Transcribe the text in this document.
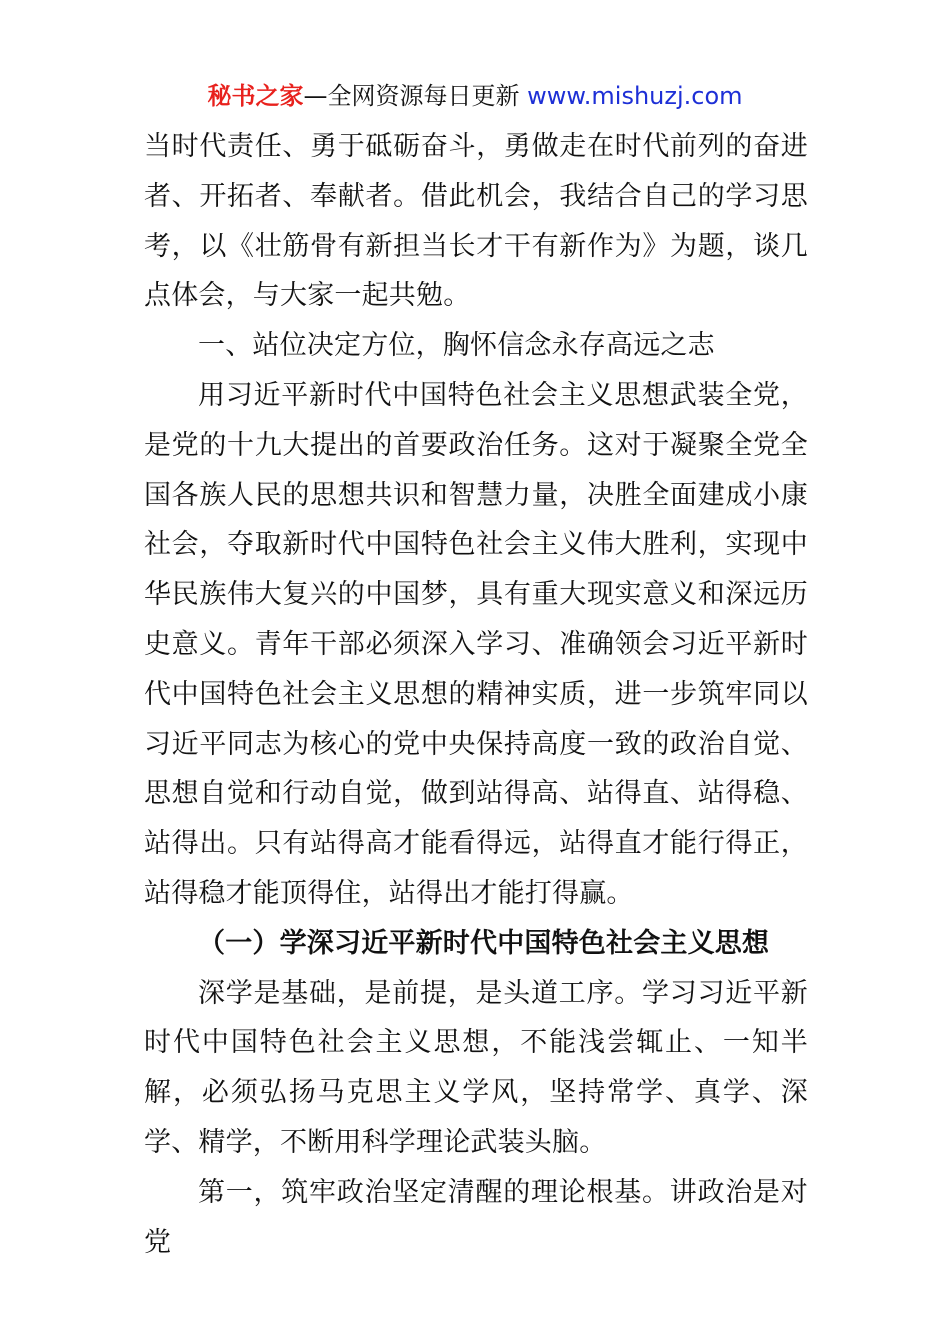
秘书之家—全网资源每日更新 www.mishuzj.com

当时代责任、勇于砥砺奋斗，勇做走在时代前列的奋进者、开拓者、奉献者。借此机会，我结合自己的学习思考，以《壮筋骨有新担当长才干有新作为》为题，谈几点体会，与大家一起共勉。

一、站位决定方位，胸怀信念永存高远之志

用习近平新时代中国特色社会主义思想武装全党，是党的十九大提出的首要政治任务。这对于凝聚全党全国各族人民的思想共识和智慧力量，决胜全面建成小康社会，夺取新时代中国特色社会主义伟大胜利，实现中华民族伟大复兴的中国梦，具有重大现实意义和深远历史意义。青年干部必须深入学习、准确领会习近平新时代中国特色社会主义思想的精神实质，进一步筑牢同以习近平同志为核心的党中央保持高度一致的政治自觉、思想自觉和行动自觉，做到站得高、站得直、站得稳、站得出。只有站得高才能看得远，站得直才能行得正，站得稳才能顶得住，站得出才能打得赢。

（一）学深习近平新时代中国特色社会主义思想

深学是基础，是前提，是头道工序。学习习近平新时代中国特色社会主义思想，不能浅尝辄止、一知半解，必须弘扬马克思主义学风，坚持常学、真学、深学、精学，不断用科学理论武装头脑。

第一，筑牢政治坚定清醒的理论根基。讲政治是对党
